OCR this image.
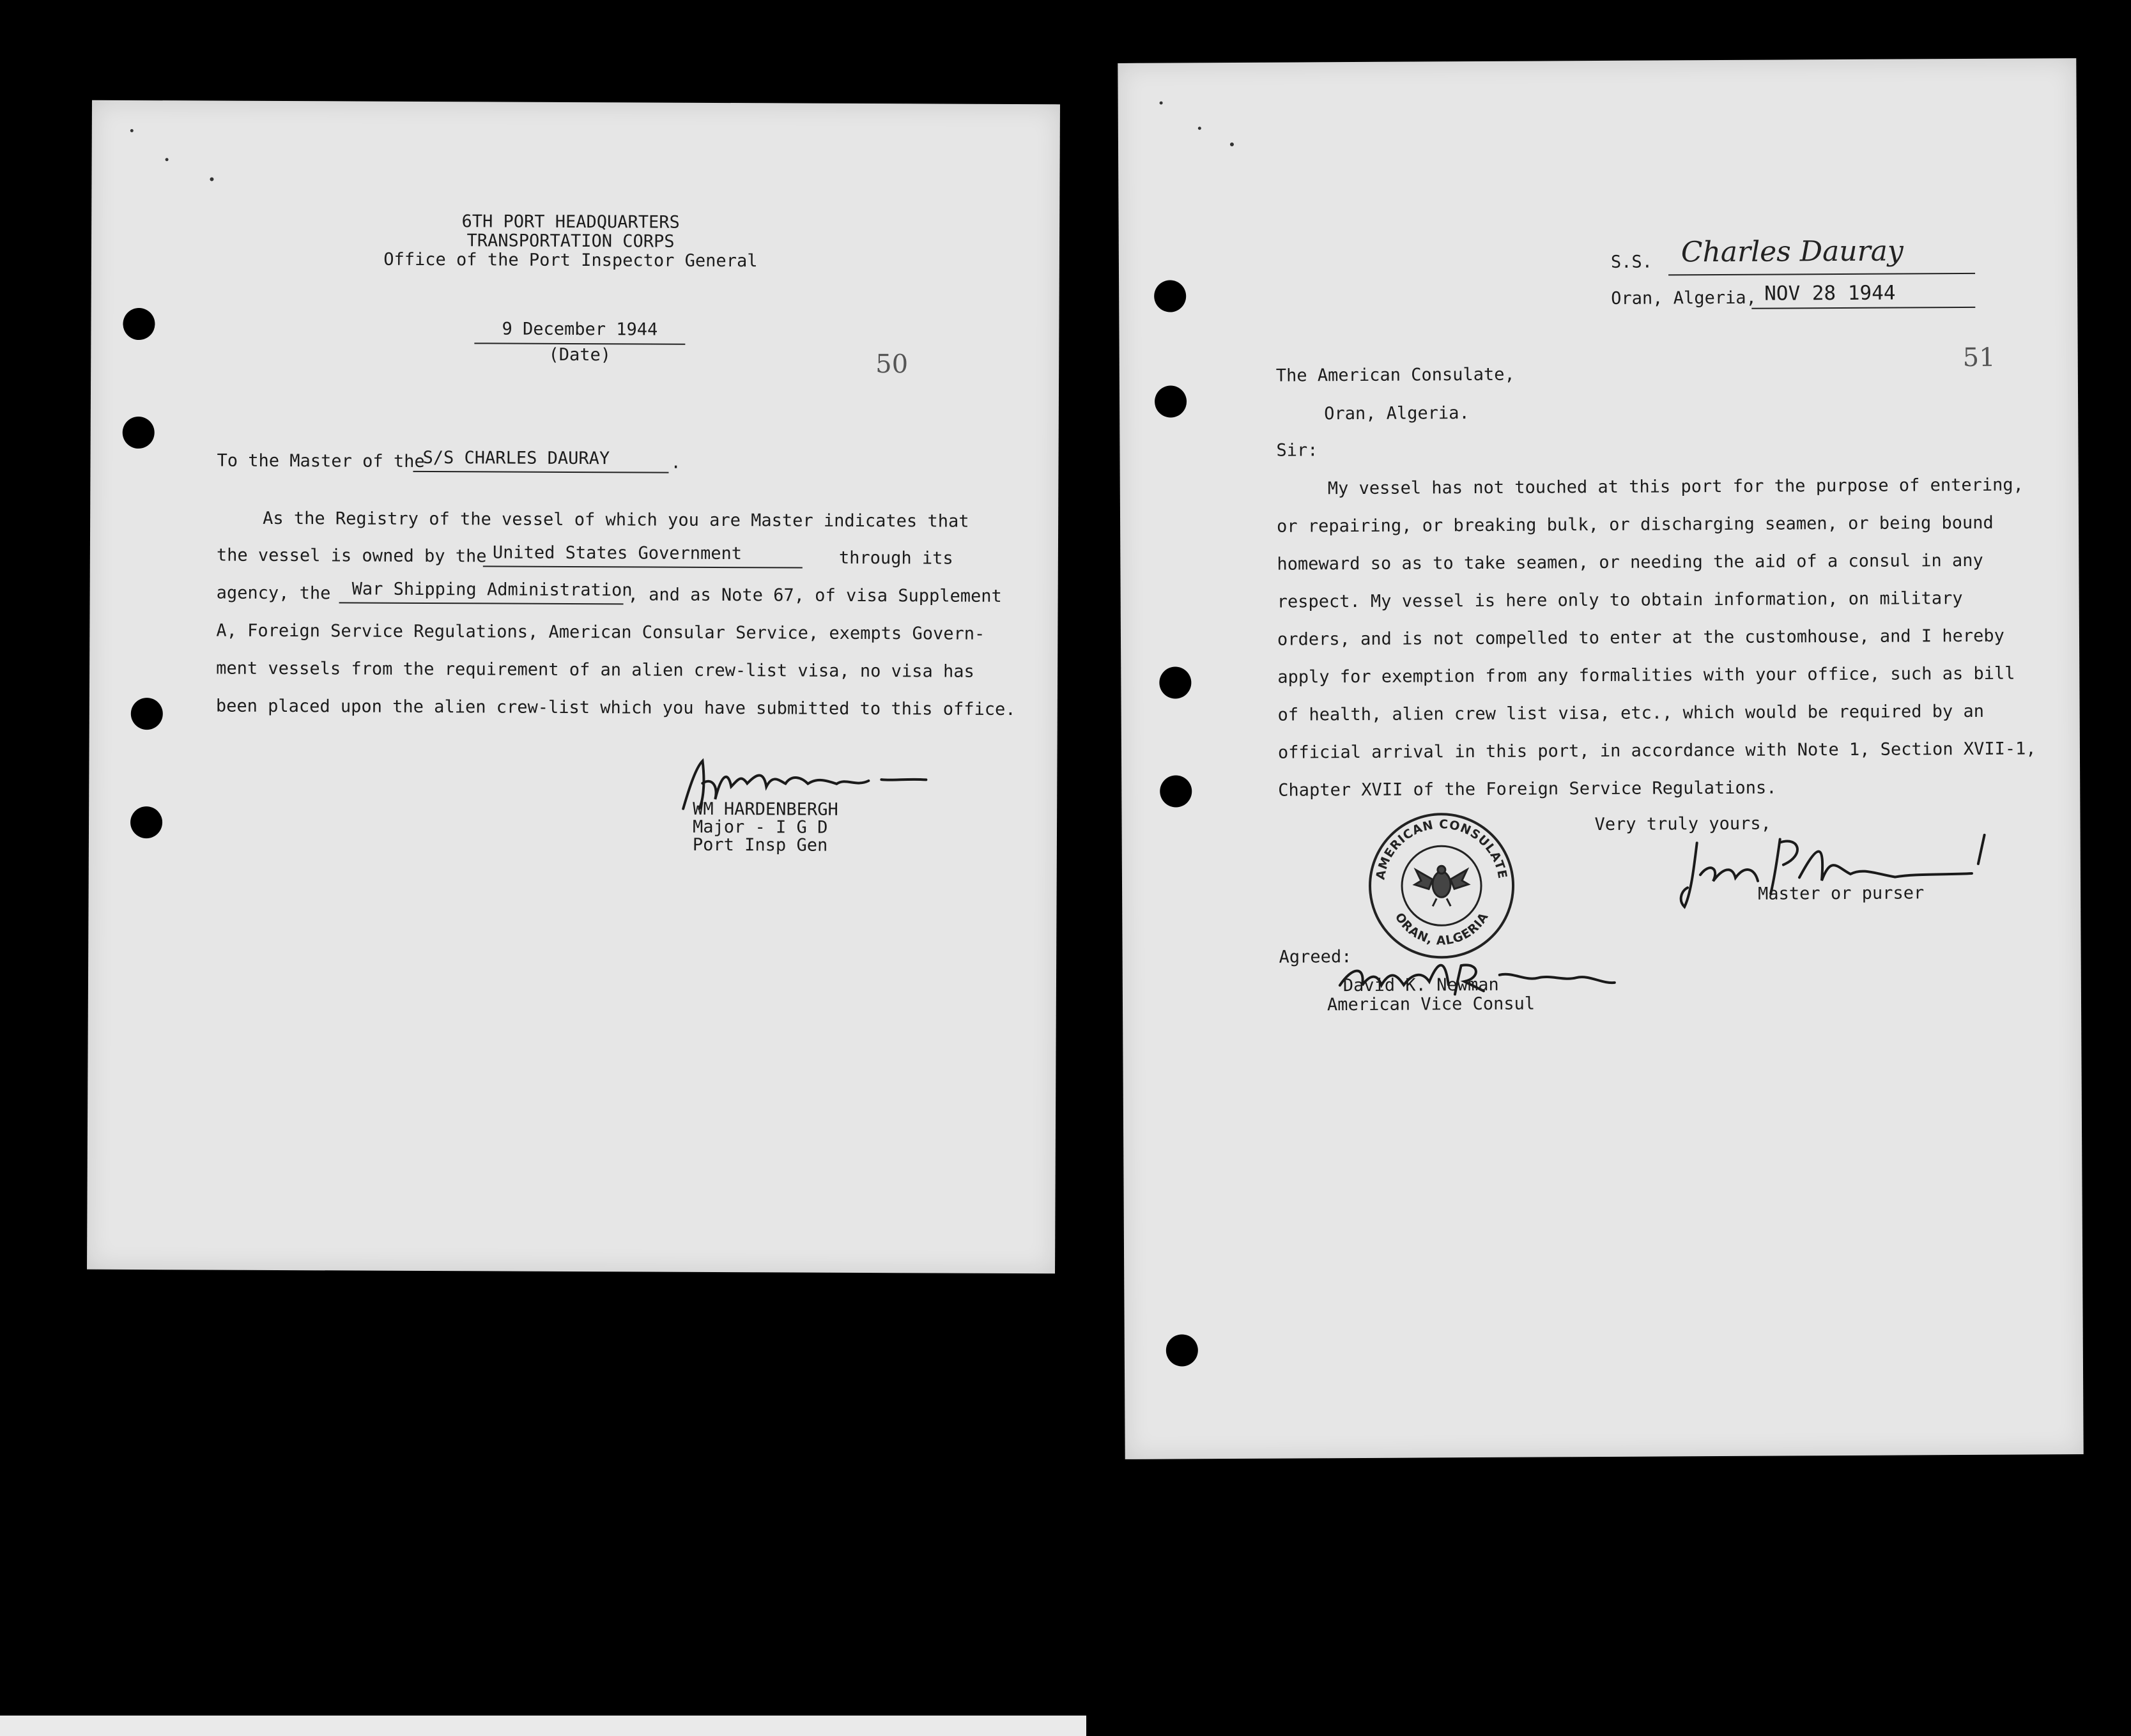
6TH PORT HEADQUARTERS
TRANSPORTATION CORPS
Office of the Port Inspector General
9 December 1944
(Date)	50
To the Master of the
S/S CHARLES DAURAY	.
As the Registry of the vessel of which you are Master indicates that
the vessel is owned by the United States Government	through its
agency, the War Shipping Administration
, and as Note 67, of visa Supplement
A, Foreign Service Regulations, American Consular Service, exempts Govern-
ment vessels from the requirement of an alien crew-list visa, no visa has
been placed upon the alien crew-list which you have submitted to this office.
WM HARDENBERGH
Major - I G D
Port Insp Gen
S.S. Charles Dauray
Oran, Algeria, NOV 28 1944
51
The American Consulate,
Oran, Algeria.
Sir:
My vessel has not touched at this port for the purpose of entering,
or repairing, or breaking bulk, or discharging seamen, or being bound
homeward so as to take seamen, or needing the aid of a consul in any
respect. My vessel is here only to obtain information, on military
orders, and is not compelled to enter at the customhouse, and I hereby
apply for exemption from any formalities with your office, such as bill
of health, alien crew list visa, etc., which would be required by an
official arrival in this port, in accordance with Note 1, Section XVII-1,
Chapter XVII of the Foreign Service Regulations.
Very truly yours,
Master or purser
AMERICAN CONSULATE
ORAN, ALGERIA
Agreed:
David K. Newman
American Vice Consul
